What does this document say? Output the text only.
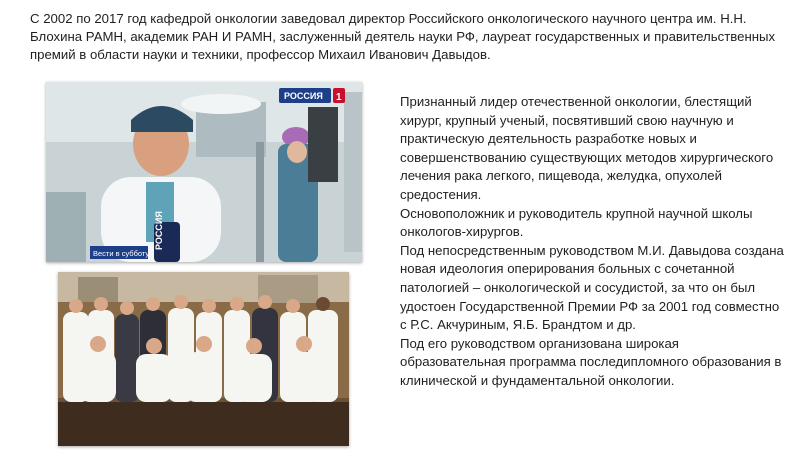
С 2002 по 2017 год кафедрой онкологии заведовал директор Российского онкологического научного центра им. Н.Н. Блохина РАМН, академик РАН И РАМН, заслуженный деятель науки РФ, лауреат государственных и правительственных премий в области науки и техники, профессор Михаил Иванович Давыдов.
РОССИЯ
РОССИЯ 1
Вести в субботу

Признанный лидер отечественной онкологии, блестящий хирург, крупный ученый, посвятивший свою научную и практическую деятельность разработке новых и совершенствованию существующих методов хирургического лечения рака легкого, пищевода, желудка, опухолей средостения.

Основоположник и руководитель крупной научной школы онкологов-хирургов.

Под непосредственным руководством М.И. Давыдова создана новая идеология оперирования больных с сочетанной патологией – онкологической и сосудистой, за что он был удостоен Государственной Премии РФ за 2001 год совместно с Р.С. Акчуриным, Я.Б. Брандтом и др.

Под его руководством организована широкая образовательная программа последипломного образования в клинической и фундаментальной онкологии.
